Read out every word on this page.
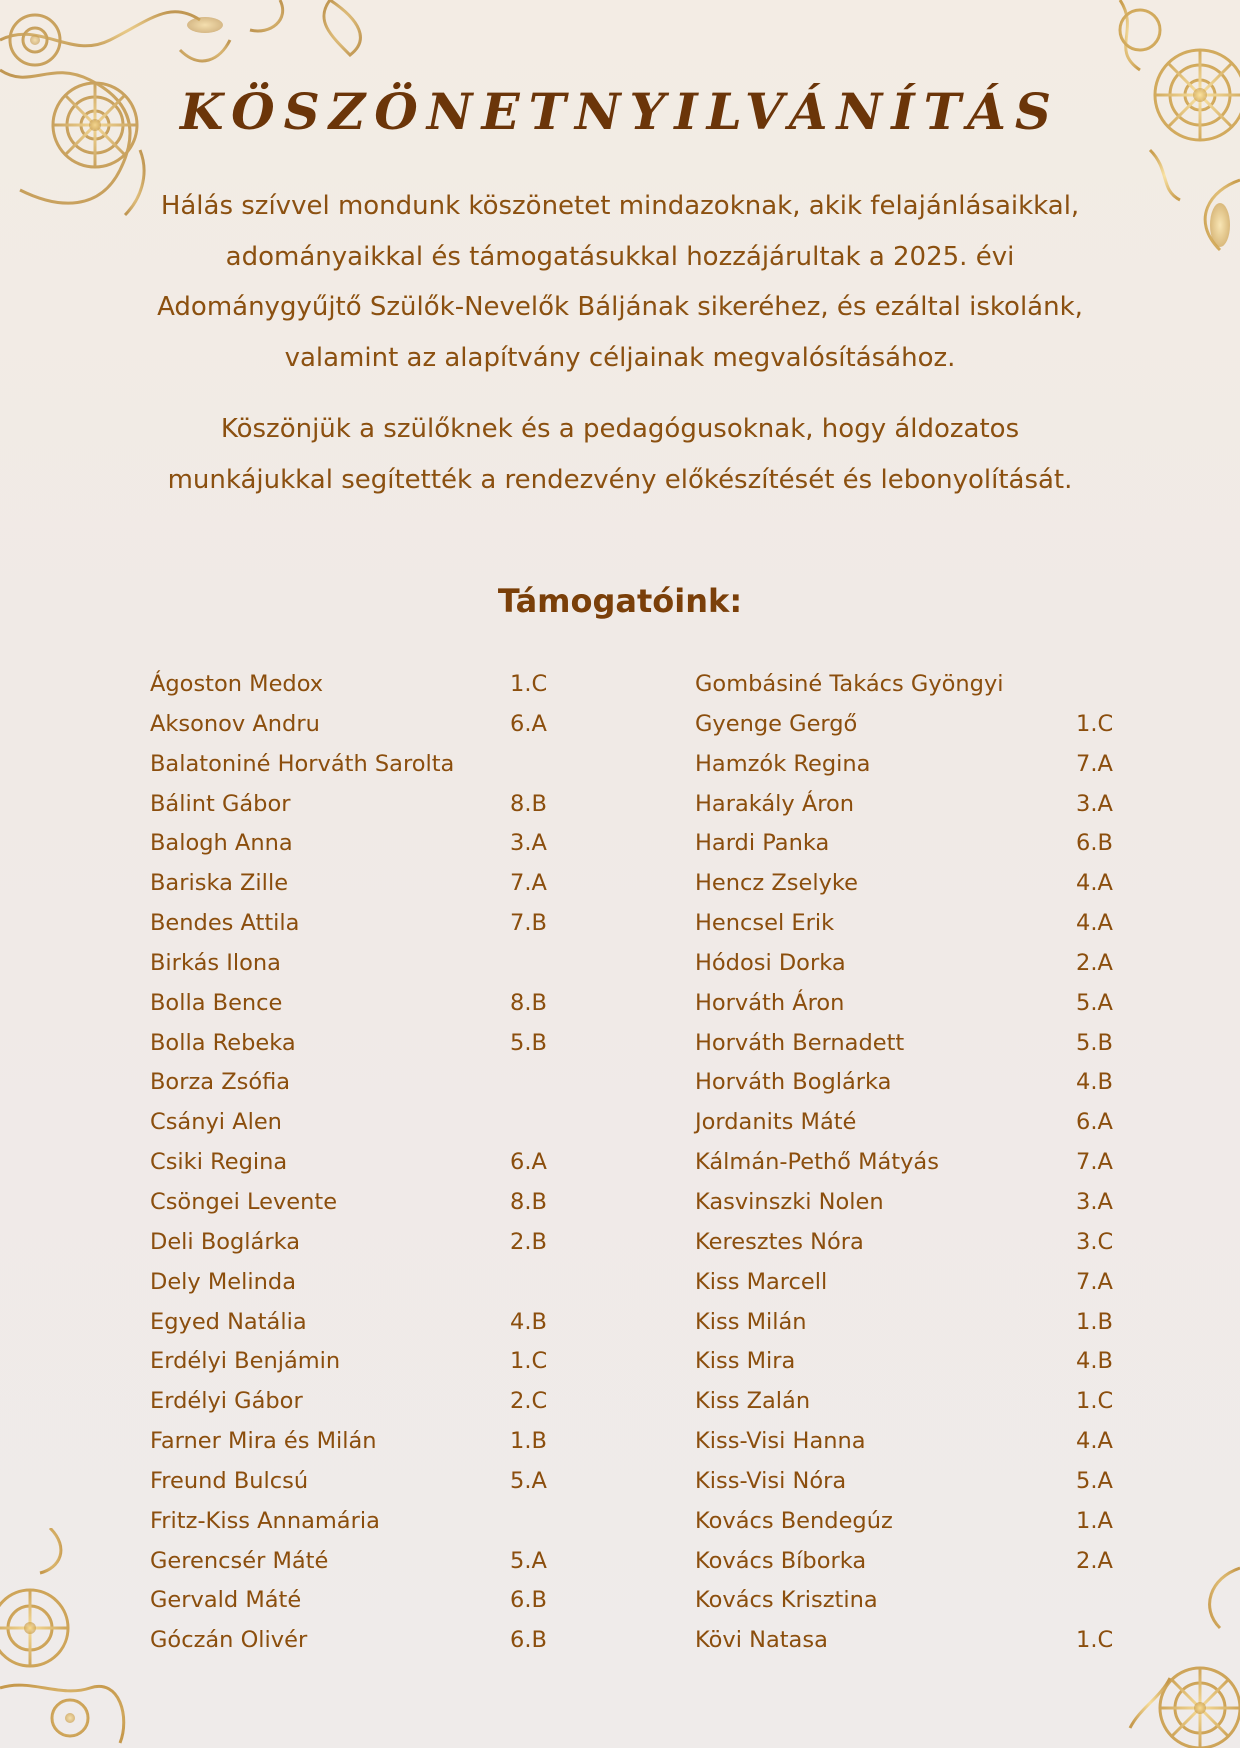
KÖSZÖNETNYILVÁNÍTÁS

Hálás szívvel mondunk köszönetet mindazoknak, akik felajánlásaikkal, adományaikkal és támogatásukkal hozzájárultak a 2025. évi Adománygyűjtő Szülők-Nevelők Báljának sikeréhez, és ezáltal iskolánk, valamint az alapítvány céljainak megvalósításához.

Köszönjük a szülőknek és a pedagógusoknak, hogy áldozatos munkájukkal segítették a rendezvény előkészítését és lebonyolítását.

Támogatóink:
Ágoston Medox	1.C
Aksonov Andru	6.A
Balatoniné Horváth Sarolta
Bálint Gábor	8.B
Balogh Anna	3.A
Bariska Zille	7.A
Bendes Attila	7.B
Birkás Ilona
Bolla Bence	8.B
Bolla Rebeka	5.B
Borza Zsófia
Csányi Alen
Csiki Regina	6.A
Csöngei Levente	8.B
Deli Boglárka	2.B
Dely Melinda
Egyed Natália	4.B
Erdélyi Benjámin	1.C
Erdélyi Gábor	2.C
Farner Mira és Milán	1.B
Freund Bulcsú	5.A
Fritz-Kiss Annamária
Gerencsér Máté	5.A
Gervald Máté	6.B
Góczán Olivér	6.B
Gombásiné Takács Gyöngyi
Gyenge Gergő	1.C
Hamzók Regina	7.A
Harakály Áron	3.A
Hardi Panka	6.B
Hencz Zselyke	4.A
Hencsel Erik	4.A
Hódosi Dorka	2.A
Horváth Áron	5.A
Horváth Bernadett	5.B
Horváth Boglárka	4.B
Jordanits Máté	6.A
Kálmán-Pethő Mátyás	7.A
Kasvinszki Nolen	3.A
Keresztes Nóra	3.C
Kiss Marcell	7.A
Kiss Milán	1.B
Kiss Mira	4.B
Kiss Zalán	1.C
Kiss-Visi Hanna	4.A
Kiss-Visi Nóra	5.A
Kovács Bendegúz	1.A
Kovács Bíborka	2.A
Kovács Krisztina
Kövi Natasa	1.C
